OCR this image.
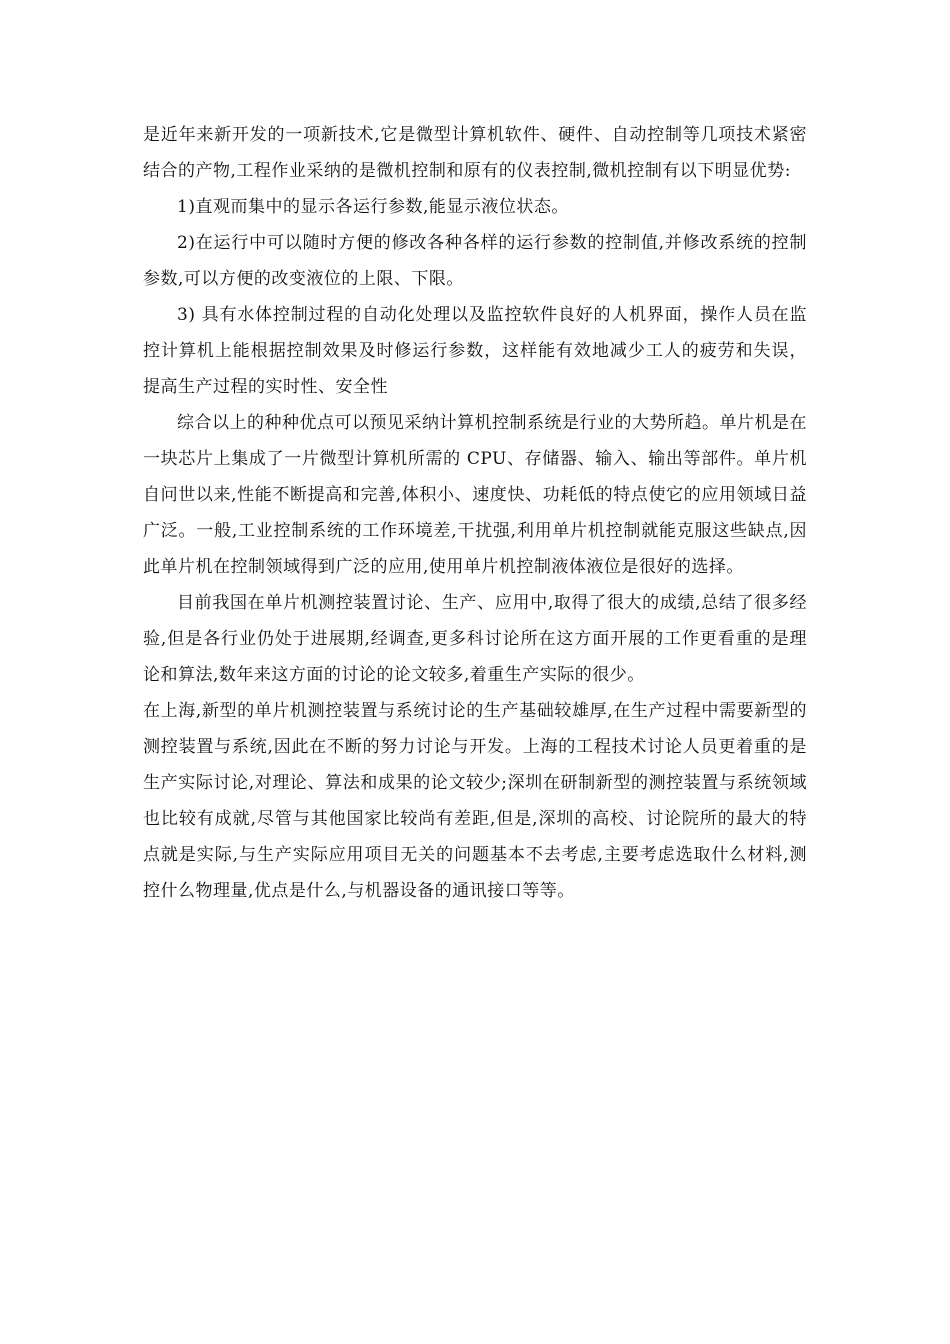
是近年来新开发的一项新技术,它是微型计算机软件、硬件、自动控制等几项技术紧密结合的产物,工程作业采纳的是微机控制和原有的仪表控制,微机控制有以下明显优势:

1)直观而集中的显示各运行参数,能显示液位状态。

2)在运行中可以随时方便的修改各种各样的运行参数的控制值,并修改系统的控制参数,可以方便的改变液位的上限、下限。

3) 具有水体控制过程的自动化处理以及监控软件良好的人机界面，操作人员在监控计算机上能根据控制效果及时修运行参数，这样能有效地减少工人的疲劳和失误，提高生产过程的实时性、安全性

综合以上的种种优点可以预见采纳计算机控制系统是行业的大势所趋。单片机是在一块芯片上集成了一片微型计算机所需的 CPU、存储器、输入、输出等部件。单片机自问世以来,性能不断提高和完善,体积小、速度快、功耗低的特点使它的应用领域日益广泛。一般,工业控制系统的工作环境差,干扰强,利用单片机控制就能克服这些缺点,因此单片机在控制领域得到广泛的应用,使用单片机控制液体液位是很好的选择。

目前我国在单片机测控装置讨论、生产、应用中,取得了很大的成绩,总结了很多经验,但是各行业仍处于进展期,经调查,更多科讨论所在这方面开展的工作更看重的是理论和算法,数年来这方面的讨论的论文较多,着重生产实际的很少。

在上海,新型的单片机测控装置与系统讨论的生产基础较雄厚,在生产过程中需要新型的测控装置与系统,因此在不断的努力讨论与开发。上海的工程技术讨论人员更着重的是生产实际讨论,对理论、算法和成果的论文较少;深圳在研制新型的测控装置与系统领域也比较有成就,尽管与其他国家比较尚有差距,但是,深圳的高校、讨论院所的最大的特点就是实际,与生产实际应用项目无关的问题基本不去考虑,主要考虑选取什么材料,测控什么物理量,优点是什么,与机器设备的通讯接口等等。
